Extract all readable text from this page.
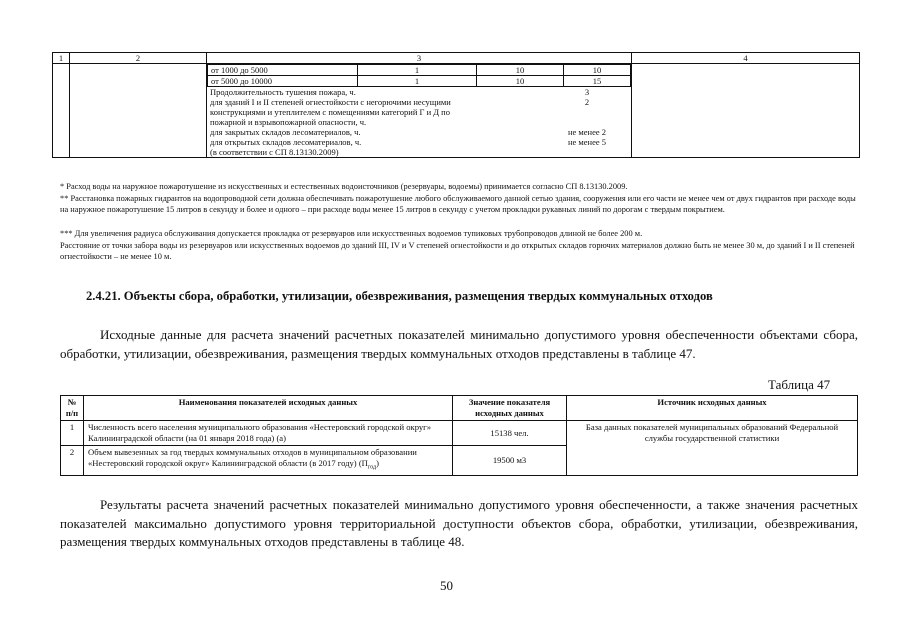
1	2	3	4

от 1000 до 5000	1	10	10
от 5000 до 10000	1	10	15
Продолжительность тушения пожара, ч.	3
для зданий I и II степеней огнестойкости с негорючими несущими	2
конструкциями и утеплителем с помещениями категорий Г и Д по	
пожарной и взрывопожарной опасности, ч.	
для закрытых складов лесоматериалов, ч.	не менее 2
для открытых складов лесоматериалов, ч.	не менее 5
(в соответствии с СП 8.13130.2009)	

* Расход воды на наружное пожаротушение из искусственных и естественных водоисточников (резервуары, водоемы) принимается согласно СП 8.13130.2009.
** Расстановка пожарных гидрантов на водопроводной сети должна обеспечивать пожаротушение любого обслуживаемого данной сетью здания, сооружения или его части не менее чем от двух гидрантов при расходе воды на наружное пожаротушение 15 литров в секунду и более и одного – при расходе воды менее 15 литров в секунду с учетом прокладки рукавных линий по дорогам с твердым покрытием.
*** Для увеличения радиуса обслуживания допускается прокладка от резервуаров или искусственных водоемов тупиковых трубопроводов длиной не более 200 м.
Расстояние от точки забора воды из резервуаров или искусственных водоемов до зданий III, IV и V степеней огнестойкости и до открытых складов горючих материалов должно быть не менее 30 м, до зданий I и II степеней огнестойкости – не менее 10 м.
2.4.21. Объекты сбора, обработки, утилизации, обезвреживания, размещения твердых коммунальных отходов

Исходные данные для расчета значений расчетных показателей минимально допустимого уровня обеспеченности объектами сбора, обработки, утилизации, обезвреживания, размещения твердых коммунальных отходов представлены в таблице 47.

Таблица 47
№ п/п	Наименования показателей исходных данных	Значение показателя исходных данных	Источник исходных данных
1	Численность всего населения муниципального образования «Нестеровский городской округ» Калининградской области (на 01 января 2018 года) (а)	15138 чел.	База данных показателей муниципальных образований Федеральной службы государственной статистики
2	Объем вывезенных за год твердых коммунальных отходов в муниципальном образовании «Нестеровский городской округ» Калининградской области (в 2017 году) $(П_{год})$	19500 м3	

Результаты расчета значений расчетных показателей минимально допустимого уровня обеспеченности, а также значения расчетных показателей максимально допустимого уровня территориальной доступности объектов сбора, обработки, утилизации, обезвреживания, размещения твердых коммунальных отходов представлены в таблице 48.

50
